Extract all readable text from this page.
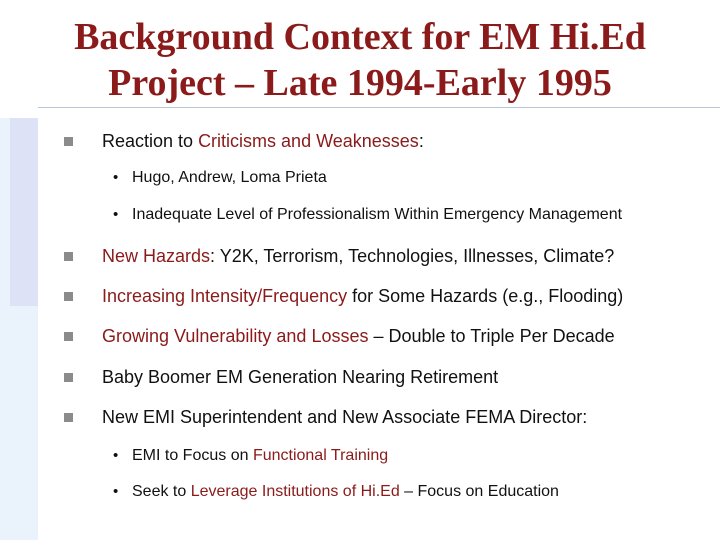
Background Context for EM Hi.Ed
Project – Late 1994-Early 1995
Reaction to Criticisms and Weaknesses:
• Hugo, Andrew, Loma Prieta
• Inadequate Level of Professionalism Within Emergency Management
New Hazards: Y2K, Terrorism, Technologies, Illnesses, Climate?
Increasing Intensity/Frequency for Some Hazards (e.g., Flooding)
Growing Vulnerability and Losses – Double to Triple Per Decade
Baby Boomer EM Generation Nearing Retirement
New EMI Superintendent and New Associate FEMA Director:
• EMI to Focus on Functional Training
• Seek to Leverage Institutions of Hi.Ed – Focus on Education
